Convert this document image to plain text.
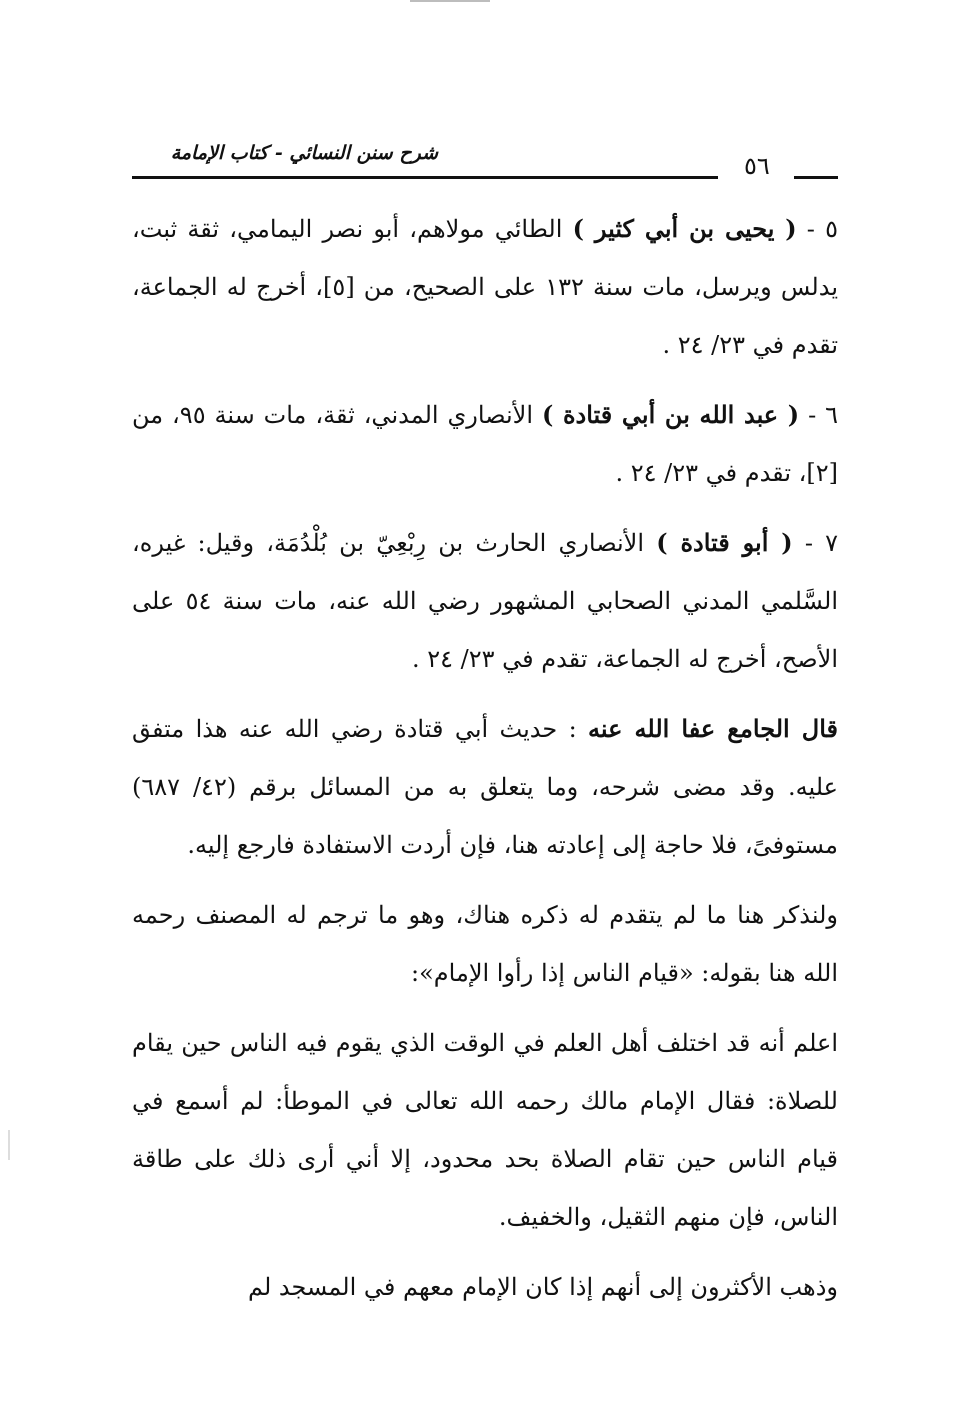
شرح سنن النسائي - كتاب الإمامة	٥٦

٥ - ( يحيى بن أبي كثير ) الطائي مولاهم، أبو نصر اليمامي، ثقة ثبت، يدلس ويرسل، مات سنة ١٣٢ على الصحيح، من [٥]، أخرج له الجماعة، تقدم في ٢٣/ ٢٤ .

٦ - ( عبد الله بن أبي قتادة ) الأنصاري المدني، ثقة، مات سنة ٩٥، من [٢]، تقدم في ٢٣/ ٢٤ .

٧ - ( أبو قتادة ) الأنصاري الحارث بن رِبْعِيّ بن بُلْدُمَة، وقيل: غيره، السَّلمي المدني الصحابي المشهور رضي الله عنه، مات سنة ٥٤ على الأصح، أخرج له الجماعة، تقدم في ٢٣/ ٢٤ .

قال الجامع عفا الله عنه : حديث أبي قتادة رضي الله عنه هذا متفق عليه. وقد مضى شرحه، وما يتعلق به من المسائل برقم (٤٢/ ٦٨٧) مستوفىً، فلا حاجة إلى إعادته هنا، فإن أردت الاستفادة فارجع إليه.

ولنذكر هنا ما لم يتقدم له ذكره هناك، وهو ما ترجم له المصنف رحمه الله هنا بقوله: «قيام الناس إذا رأوا الإمام»:

اعلم أنه قد اختلف أهل العلم في الوقت الذي يقوم فيه الناس حين يقام للصلاة: فقال الإمام مالك رحمه الله تعالى في الموطأ: لم أسمع في قيام الناس حين تقام الصلاة بحد محدود، إلا أني أرى ذلك على طاقة الناس، فإن منهم الثقيل، والخفيف.

وذهب الأكثرون إلى أنهم إذا كان الإمام معهم في المسجد لم
